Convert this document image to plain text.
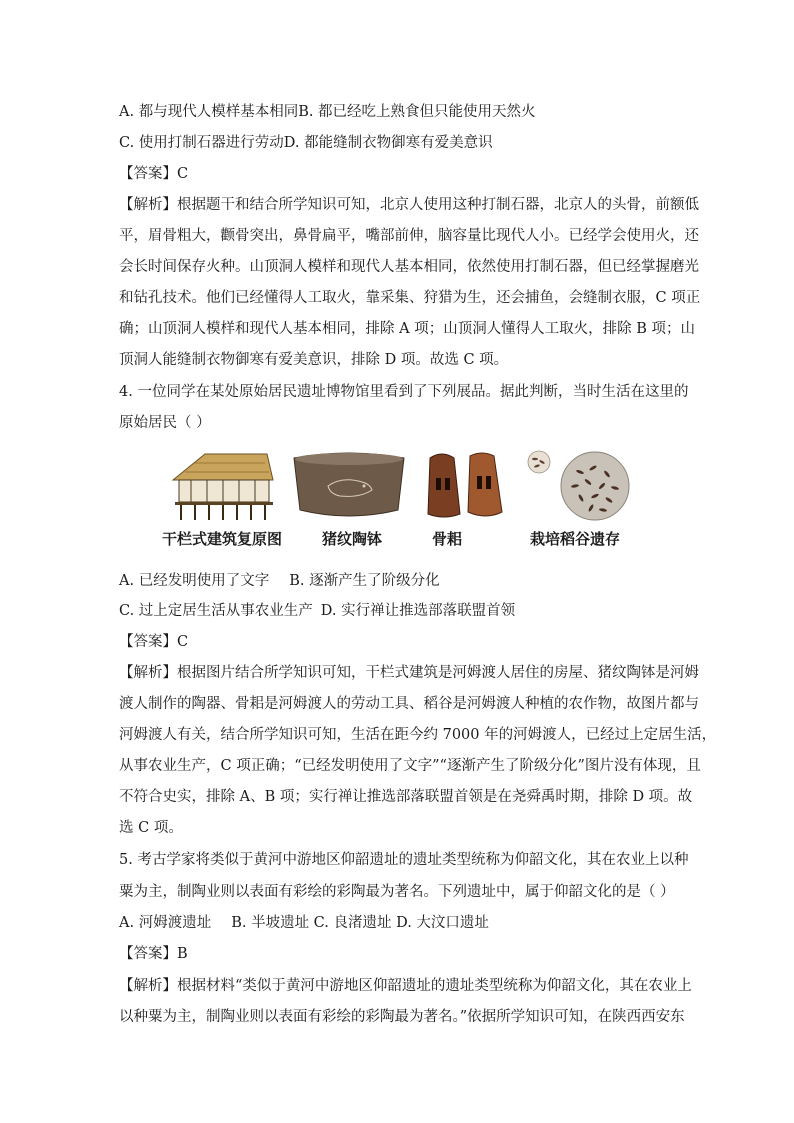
A. 都与现代人模样基本相同B. 都已经吃上熟食但只能使用天然火
C. 使用打制石器进行劳动D. 都能缝制衣物御寒有爱美意识
【答案】C
【解析】根据题干和结合所学知识可知，北京人使用这种打制石器，北京人的头骨，前额低
平，眉骨粗大，颧骨突出，鼻骨扁平，嘴部前伸，脑容量比现代人小。已经学会使用火，还
会长时间保存火种。山顶洞人模样和现代人基本相同，依然使用打制石器，但已经掌握磨光
和钻孔技术。他们已经懂得人工取火，靠采集、狩猎为生，还会捕鱼，会缝制衣服，C 项正
确；山顶洞人模样和现代人基本相同，排除 A 项；山顶洞人懂得人工取火，排除 B 项；山
顶洞人能缝制衣物御寒有爱美意识，排除 D 项。故选 C 项。
4. 一位同学在某处原始居民遗址博物馆里看到了下列展品。据此判断，当时生活在这里的
原始居民（ ）
干栏式建筑复原图	猪纹陶钵	骨耜	栽培稻谷遗存
A. 已经发明使用了文字 B. 逐渐产生了阶级分化
C. 过上定居生活从事农业生产 D. 实行禅让推选部落联盟首领
【答案】C
【解析】根据图片结合所学知识可知，干栏式建筑是河姆渡人居住的房屋、猪纹陶钵是河姆
渡人制作的陶器、骨耜是河姆渡人的劳动工具、稻谷是河姆渡人种植的农作物，故图片都与
河姆渡人有关，结合所学知识可知，生活在距今约 7000 年的河姆渡人，已经过上定居生活，
从事农业生产，C 项正确；“已经发明使用了文字”“逐渐产生了阶级分化”图片没有体现，且
不符合史实，排除 A、B 项；实行禅让推选部落联盟首领是在尧舜禹时期，排除 D 项。故
选 C 项。
5. 考古学家将类似于黄河中游地区仰韶遗址的遗址类型统称为仰韶文化，其在农业上以种
粟为主，制陶业则以表面有彩绘的彩陶最为著名。下列遗址中，属于仰韶文化的是（ ）
A. 河姆渡遗址 B. 半坡遗址 C. 良渚遗址 D. 大汶口遗址
【答案】B
【解析】根据材料“类似于黄河中游地区仰韶遗址的遗址类型统称为仰韶文化，其在农业上
以种粟为主，制陶业则以表面有彩绘的彩陶最为著名。”依据所学知识可知，在陕西西安东
